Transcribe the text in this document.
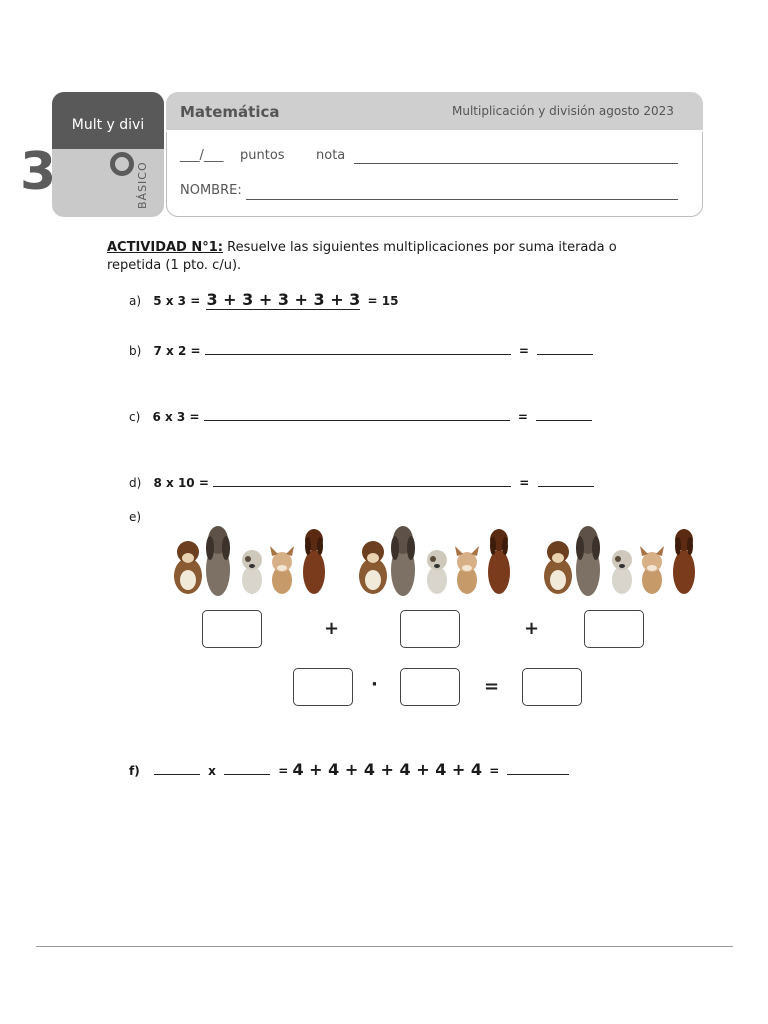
Mult y divi
3	BÁSICO
Matemática	Multiplicación y división agosto 2023
___/___ puntos nota
NOMBRE:
ACTIVIDAD N°1: Resuelve las siguientes multiplicaciones por suma iterada o repetida (1 pto. c/u).
a) 5 x 3 = 3 + 3 + 3 + 3 + 3 = 15
b) 7 x 2 =	=
c) 6 x 3 =	=
d) 8 x 10 =	=
e)
+	+
·	=
f)	x	= 4 + 4 + 4 + 4 + 4 + 4 =
